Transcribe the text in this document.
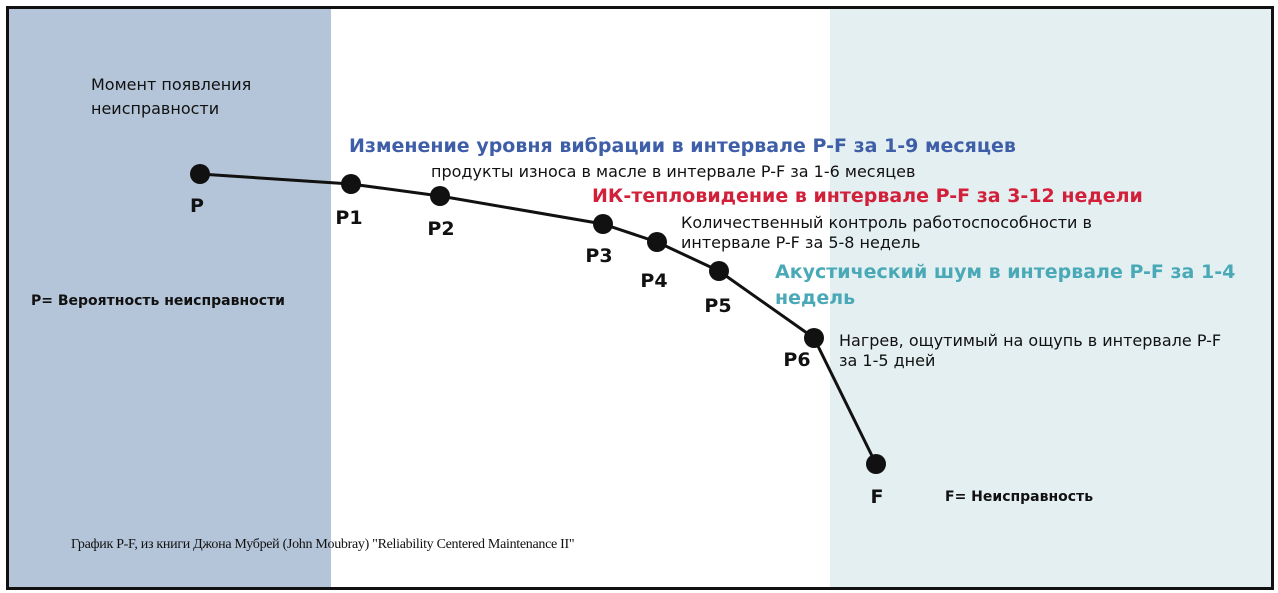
Момент появления неисправности

P
P1	P2
P3
P4
P5
P6
F

Изменение уровня вибрации в интервале P-F за 1-9 месяцев

продукты износа в масле в интервале P-F за 1-6 месяцев

ИК-тепловидение в интервале P-F за 3-12 недели

Количественный контроль работоспособности в интервале P-F за 5-8 недель

Акустический шум в интервале P-F за 1-4 недель

Нагрев, ощутимый на ощупь в интервале P-F за 1-5 дней

P= Вероятность неисправности

F= Неисправность

График P-F, из книги Джона Мубрей (John Moubray) "Reliability Centered Maintenance II"
